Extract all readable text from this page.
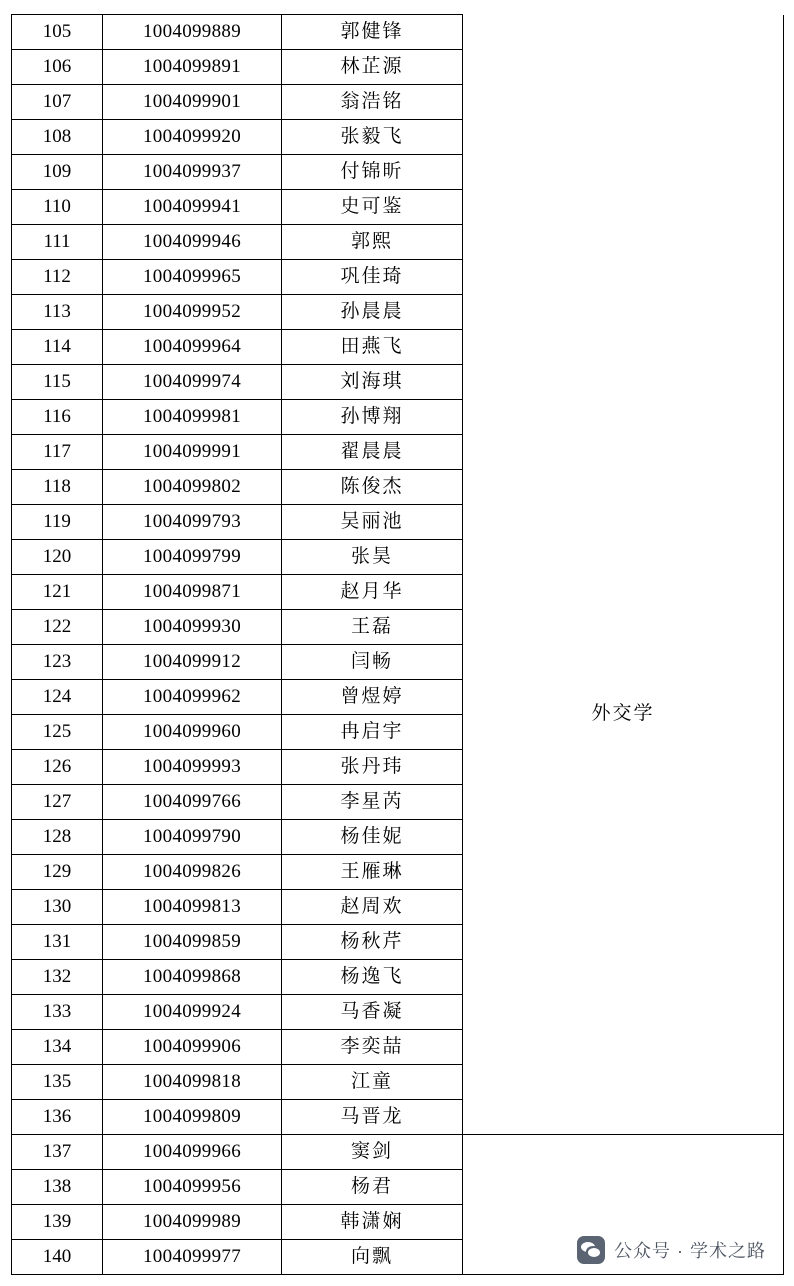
105	1004099889	郭健锋	
106	1004099891	林芷源	
107	1004099901	翁浩铭	
108	1004099920	张毅飞	
109	1004099937	付锦昕	
110	1004099941	史可鉴	
111	1004099946	郭熙	
112	1004099965	巩佳琦	
113	1004099952	孙晨晨	外交学
114	1004099964	田燕飞	
115	1004099974	刘海琪	
116	1004099981	孙博翔	
117	1004099991	翟晨晨	
118	1004099802	陈俊杰	
119	1004099793	吴丽池	
120	1004099799	张昊	
121	1004099871	赵月华	
122	1004099930	王磊	
123	1004099912	闫畅	
124	1004099962	曾煜婷	
125	1004099960	冉启宇	
126	1004099993	张丹玮	
127	1004099766	李星芮	
128	1004099790	杨佳妮	
129	1004099826	王雁琳	
130	1004099813	赵周欢	
131	1004099859	杨秋芹	
132	1004099868	杨逸飞	
133	1004099924	马香凝	
134	1004099906	李奕喆	
135	1004099818	江童	
136	1004099809	马晋龙	
137	1004099966	窦剑	
138	1004099956	杨君	
139	1004099989	韩潇娴	
140	1004099977	向飘		公众号 · 学术之路
